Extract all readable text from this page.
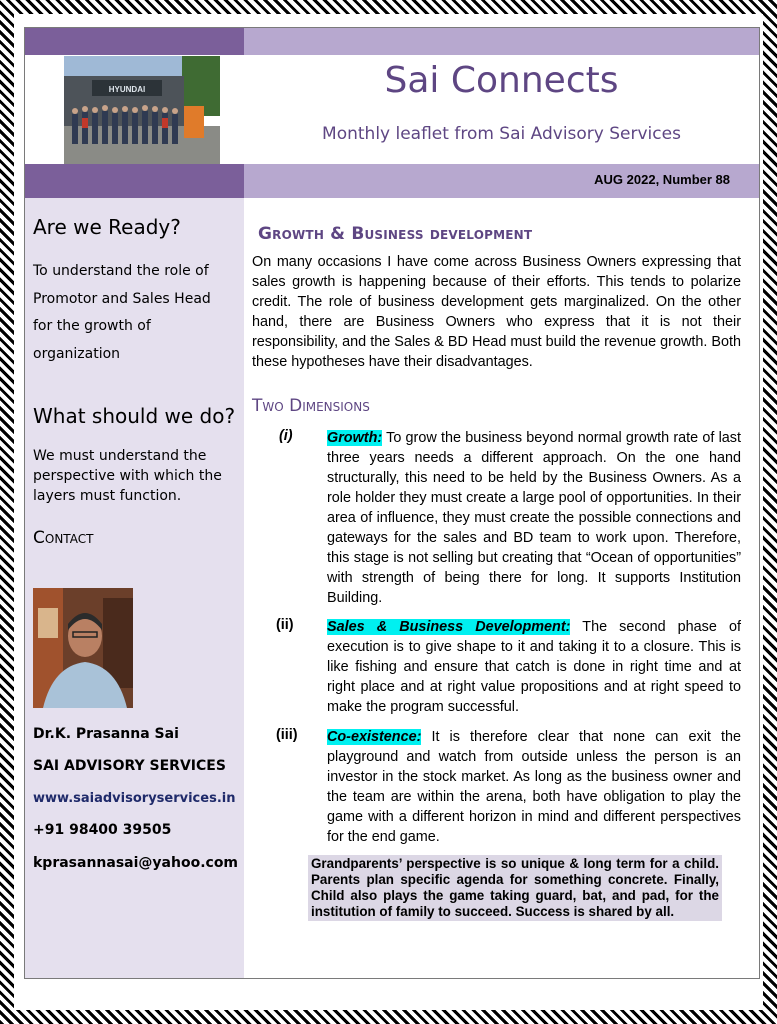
HYUNDAI	Sai Connects
Monthly leaflet from Sai Advisory Services
AUG 2022, Number 88
Are we Ready?
To understand the role of
Promotor and Sales Head
for the growth of
organization
What should we do?
We must understand the perspective with which the layers must function.
Contact
Dr.K. Prasanna Sai
SAI ADVISORY SERVICES
www.saiadvisoryservices.in
+91 98400 39505
kprasannasai@yahoo.com
Growth & Business development
On many occasions I have come across Business Owners expressing that sales growth is happening because of their efforts. This tends to polarize credit. The role of business development gets marginalized. On the other hand, there are Business Owners who express that it is not their responsibility, and the Sales & BD Head must build the revenue growth. Both these hypotheses have their disadvantages.
Two Dimensions
(i) Growth: To grow the business beyond normal growth rate of last three years needs a different approach. On the one hand structurally, this need to be held by the Business Owners. As a role holder they must create a large pool of opportunities. In their area of influence, they must create the possible connections and gateways for the sales and BD team to work upon. Therefore, this stage is not selling but creating that “Ocean of opportunities” with strength of being there for long. It supports Institution Building.
(ii) Sales & Business Development: The second phase of execution is to give shape to it and taking it to a closure. This is like fishing and ensure that catch is done in right time and at right place and at right value propositions and at right speed to make the program successful.
(iii) Co-existence: It is therefore clear that none can exit the playground and watch from outside unless the person is an investor in the stock market. As long as the business owner and the team are within the arena, both have obligation to play the game with a different horizon in mind and different perspectives for the end game.
Grandparents’ perspective is so unique & long term for a child. Parents plan specific agenda for something concrete. Finally, Child also plays the game taking guard, bat, and pad, for the institution of family to succeed. Success is shared by all.
